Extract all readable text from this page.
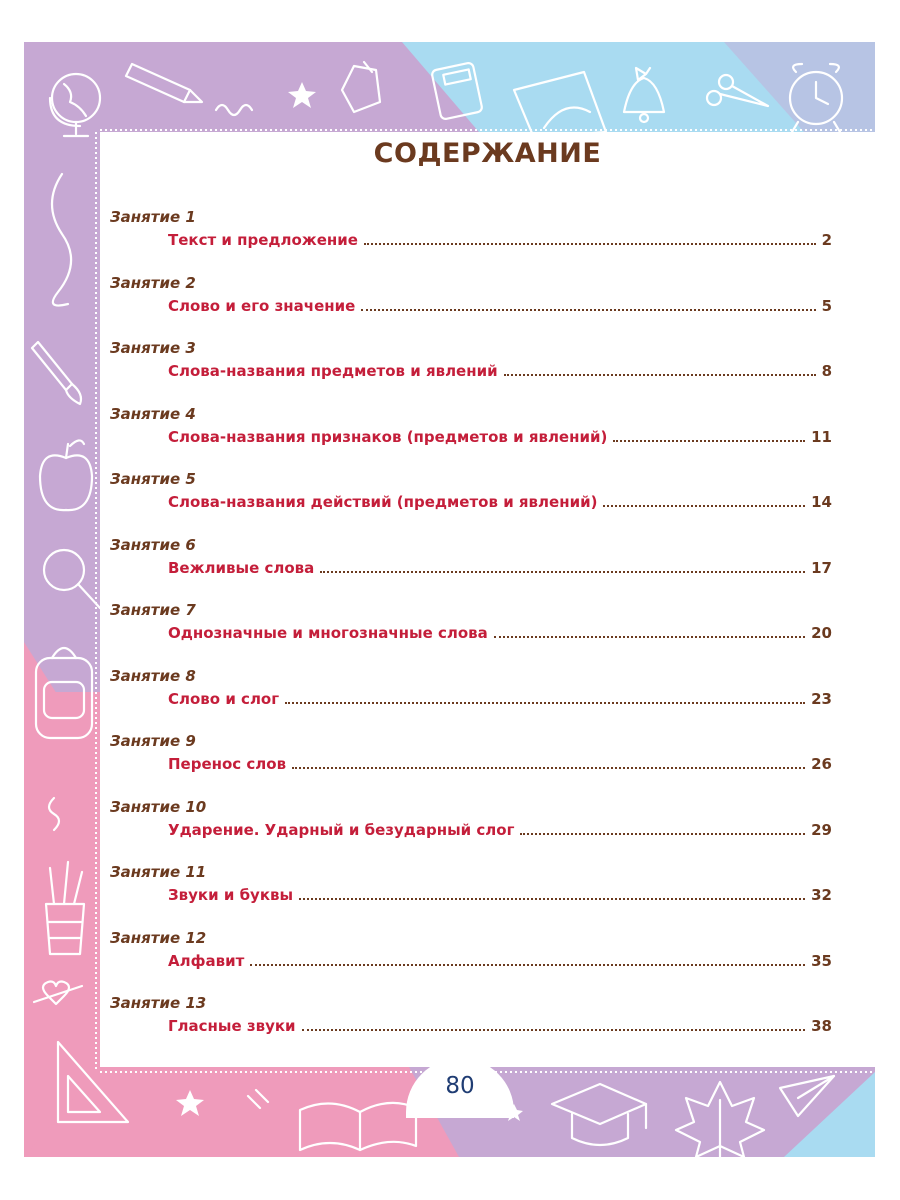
СОДЕРЖАНИЕ
Занятие 1
Текст и предложение	2
Занятие 2
Слово и его значение	5
Занятие 3
Слова-названия предметов и явлений	8
Занятие 4
Слова-названия признаков (предметов и явлений)	11
Занятие 5
Слова-названия действий (предметов и явлений)	14
Занятие 6
Вежливые слова	17
Занятие 7
Однозначные и многозначные слова	20
Занятие 8
Слово и слог	23
Занятие 9
Перенос слов	26
Занятие 10
Ударение. Ударный и безударный слог	29
Занятие 11
Звуки и буквы	32
Занятие 12
Алфавит	35
Занятие 13
Гласные звуки	38
80
